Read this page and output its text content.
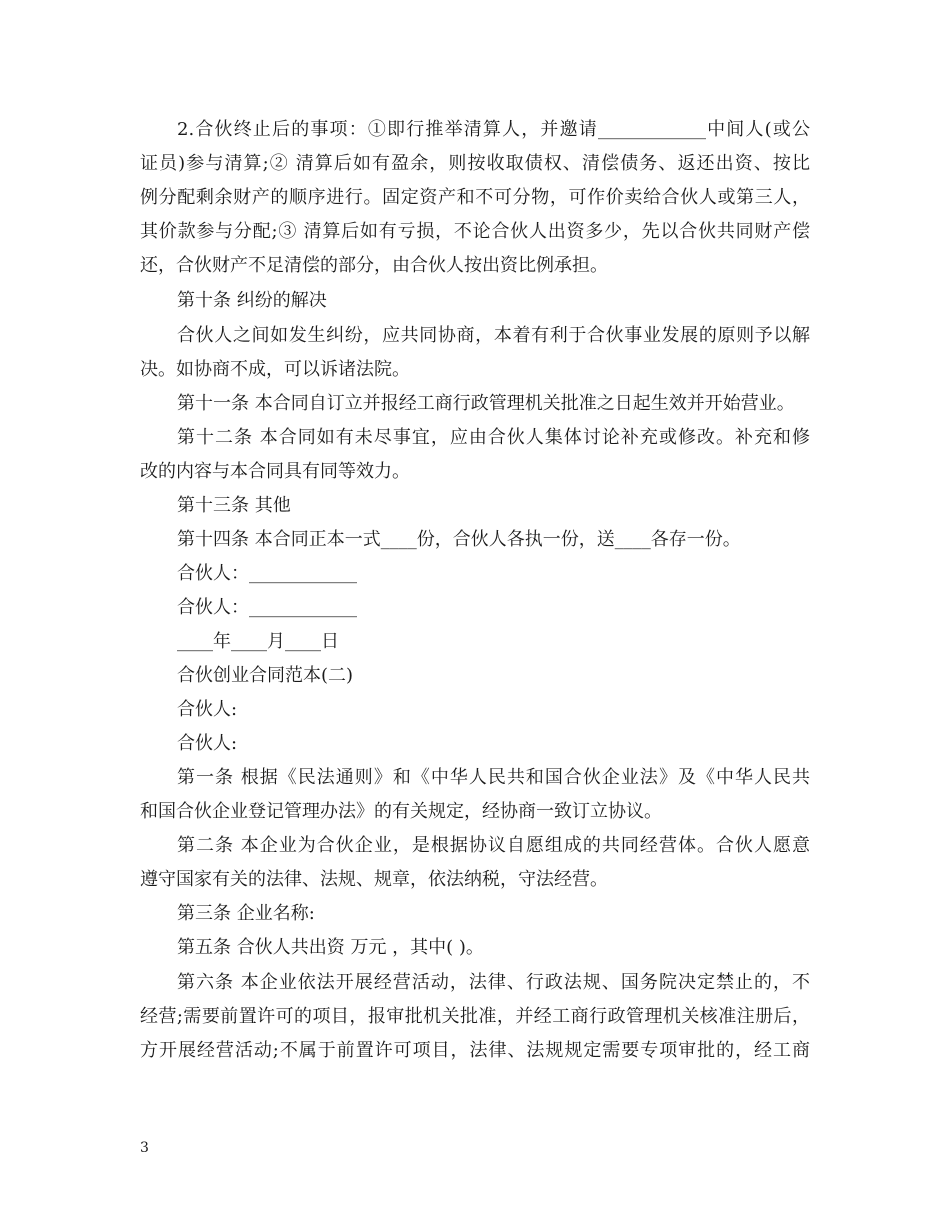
2.合伙终止后的事项：①即行推举清算人，并邀请____________中间人(或公
证员)参与清算;② 清算后如有盈余，则按收取债权、清偿债务、返还出资、按比
例分配剩余财产的顺序进行。固定资产和不可分物，可作价卖给合伙人或第三人，
其价款参与分配;③ 清算后如有亏损，不论合伙人出资多少，先以合伙共同财产偿
还，合伙财产不足清偿的部分，由合伙人按出资比例承担。
第十条 纠纷的解决
合伙人之间如发生纠纷，应共同协商，本着有利于合伙事业发展的原则予以解
决。如协商不成，可以诉诸法院。
第十一条 本合同自订立并报经工商行政管理机关批准之日起生效并开始营业。
第十二条 本合同如有未尽事宜，应由合伙人集体讨论补充或修改。补充和修
改的内容与本合同具有同等效力。
第十三条 其他
第十四条 本合同正本一式____份，合伙人各执一份，送____各存一份。
合伙人：____________
合伙人：____________
____年____月____日
合伙创业合同范本(二)
合伙人:
合伙人:
第一条 根据《民法通则》和《中华人民共和国合伙企业法》及《中华人民共
和国合伙企业登记管理办法》的有关规定，经协商一致订立协议。
第二条 本企业为合伙企业，是根据协议自愿组成的共同经营体。合伙人愿意
遵守国家有关的法律、法规、规章，依法纳税，守法经营。
第三条 企业名称:
第五条 合伙人共出资 万元 ，其中( )。
第六条 本企业依法开展经营活动，法律、行政法规、国务院决定禁止的，不
经营;需要前置许可的项目，报审批机关批准，并经工商行政管理机关核准注册后，
方开展经营活动;不属于前置许可项目，法律、法规规定需要专项审批的，经工商
3
